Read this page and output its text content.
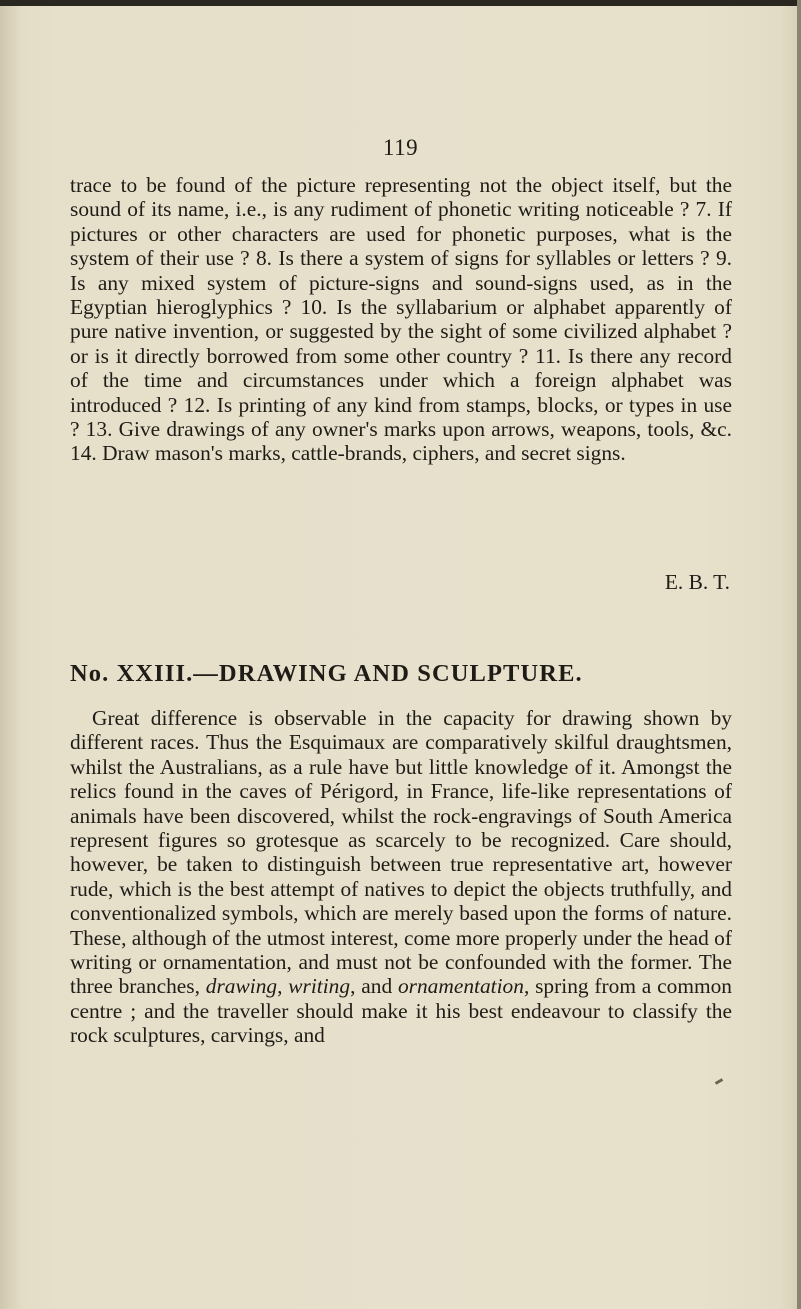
119

trace to be found of the picture representing not the object itself, but the sound of its name, i.e., is any rudiment of phonetic writing noticeable ? 7. If pictures or other characters are used for phonetic purposes, what is the system of their use ? 8. Is there a system of signs for syllables or letters ? 9. Is any mixed system of picture-signs and sound-signs used, as in the Egyptian hieroglyphics ? 10. Is the syllabarium or alphabet apparently of pure native invention, or suggested by the sight of some civilized alphabet ? or is it directly borrowed from some other country ? 11. Is there any record of the time and circumstances under which a foreign alphabet was introduced ? 12. Is printing of any kind from stamps, blocks, or types in use ? 13. Give drawings of any owner's marks upon arrows, weapons, tools, &c. 14. Draw mason's marks, cattle-brands, ciphers, and secret signs.

E. B. T.
No. XXIII.—DRAWING AND SCULPTURE.

Great difference is observable in the capacity for drawing shown by different races. Thus the Esquimaux are comparatively skilful draughtsmen, whilst the Australians, as a rule have but little knowledge of it. Amongst the relics found in the caves of Périgord, in France, life-like representations of animals have been discovered, whilst the rock-engravings of South America represent figures so grotesque as scarcely to be recognized. Care should, however, be taken to distinguish between true representative art, however rude, which is the best attempt of natives to depict the objects truthfully, and conventionalized symbols, which are merely based upon the forms of nature. These, although of the utmost interest, come more properly under the head of writing or ornamentation, and must not be confounded with the former. The three branches, drawing, writing, and ornamentation, spring from a common centre ; and the traveller should make it his best endeavour to classify the rock sculptures, carvings, and
